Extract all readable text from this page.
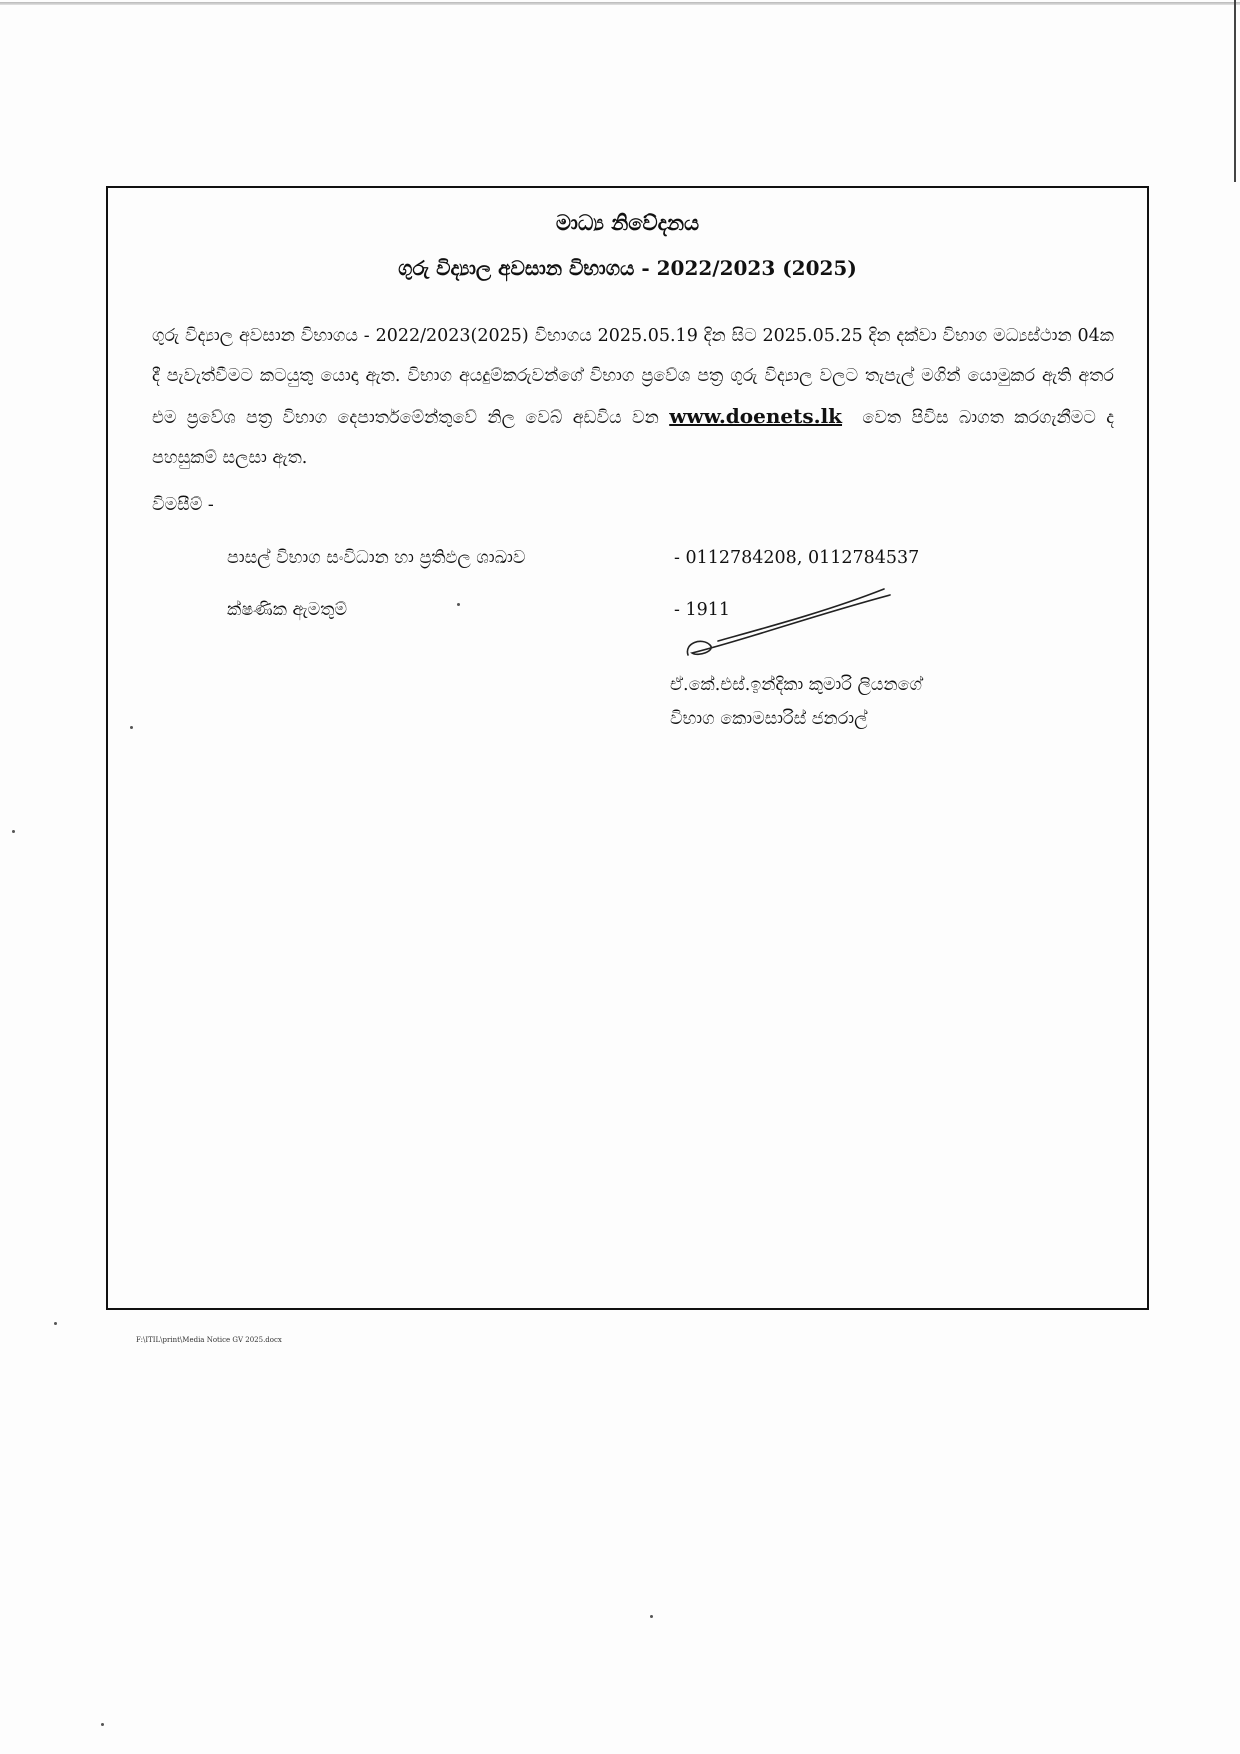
මාධ්‍ය නිවේදනය
ගුරු විද්‍යාල අවසාන විභාගය - 2022/2023 (2025)
ගුරු විද්‍යාල අවසාන විභාගය - 2022/2023(2025) විභාගය 2025.05.19 දින සිට 2025.05.25 දින දක්වා විභාග මධ්‍යස්ථාන 04ක දී පැවැත්වීමට කටයුතු යොදා ඇත. විභාග අයදුම්කරුවන්ගේ විභාග ප්‍රවේශ පත්‍ර ගුරු විද්‍යාල වලට තැපැල් මගින් යොමුකර ඇති අතර එම ප්‍රවේශ පත්‍ර විභාග දෙපාර්තමේන්තුවේ නිල වෙබ් අඩවිය වන www.doenets.lk වෙත පිවිස බාගත කරගැනීමට ද පහසුකම් සලසා ඇත.
විමසීම් -
පාසල් විභාග සංවිධාන හා ප්‍රතිඵල ශාඛාව	- 0112784208, 0112784537
ක්ෂණික ඇමතුම්	- 1911
ඒ.කේ.එස්.ඉන්දිකා කුමාරි ලියනගේ
විභාග කොමසාරිස් ජනරාල්
F:\ITIL\print\Media Notice GV 2025.docx
